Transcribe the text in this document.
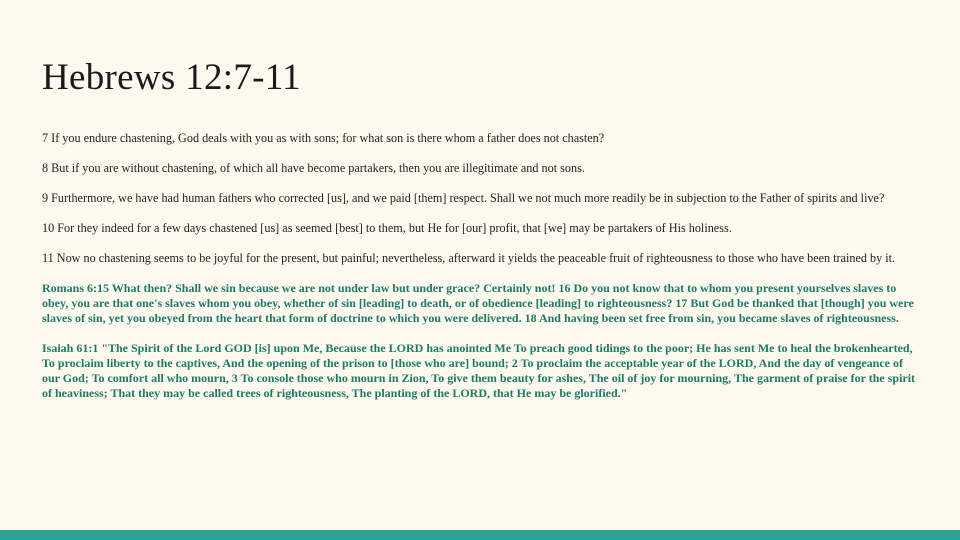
Hebrews 12:7-11

7 If you endure chastening, God deals with you as with sons; for what son is there whom a father does not chasten?

8 But if you are without chastening, of which all have become partakers, then you are illegitimate and not sons.

9 Furthermore, we have had human fathers who corrected [us], and we paid [them] respect. Shall we not much more readily be in subjection to the Father of spirits and live?

10 For they indeed for a few days chastened [us] as seemed [best] to them, but He for [our] profit, that [we] may be partakers of His holiness.

11 Now no chastening seems to be joyful for the present, but painful; nevertheless, afterward it yields the peaceable fruit of righteousness to those who have been trained by it.

Romans 6:15 What then? Shall we sin because we are not under law but under grace? Certainly not! 16 Do you not know that to whom you present yourselves slaves to obey, you are that one's slaves whom you obey, whether of sin [leading] to death, or of obedience [leading] to righteousness? 17 But God be thanked that [though] you were slaves of sin, yet you obeyed from the heart that form of doctrine to which you were delivered. 18 And having been set free from sin, you became slaves of righteousness.

Isaiah 61:1 "The Spirit of the Lord GOD [is] upon Me, Because the LORD has anointed Me To preach good tidings to the poor; He has sent Me to heal the brokenhearted, To proclaim liberty to the captives, And the opening of the prison to [those who are] bound; 2 To proclaim the acceptable year of the LORD, And the day of vengeance of our God; To comfort all who mourn, 3 To console those who mourn in Zion, To give them beauty for ashes, The oil of joy for mourning, The garment of praise for the spirit of heaviness; That they may be called trees of righteousness, The planting of the LORD, that He may be glorified."
